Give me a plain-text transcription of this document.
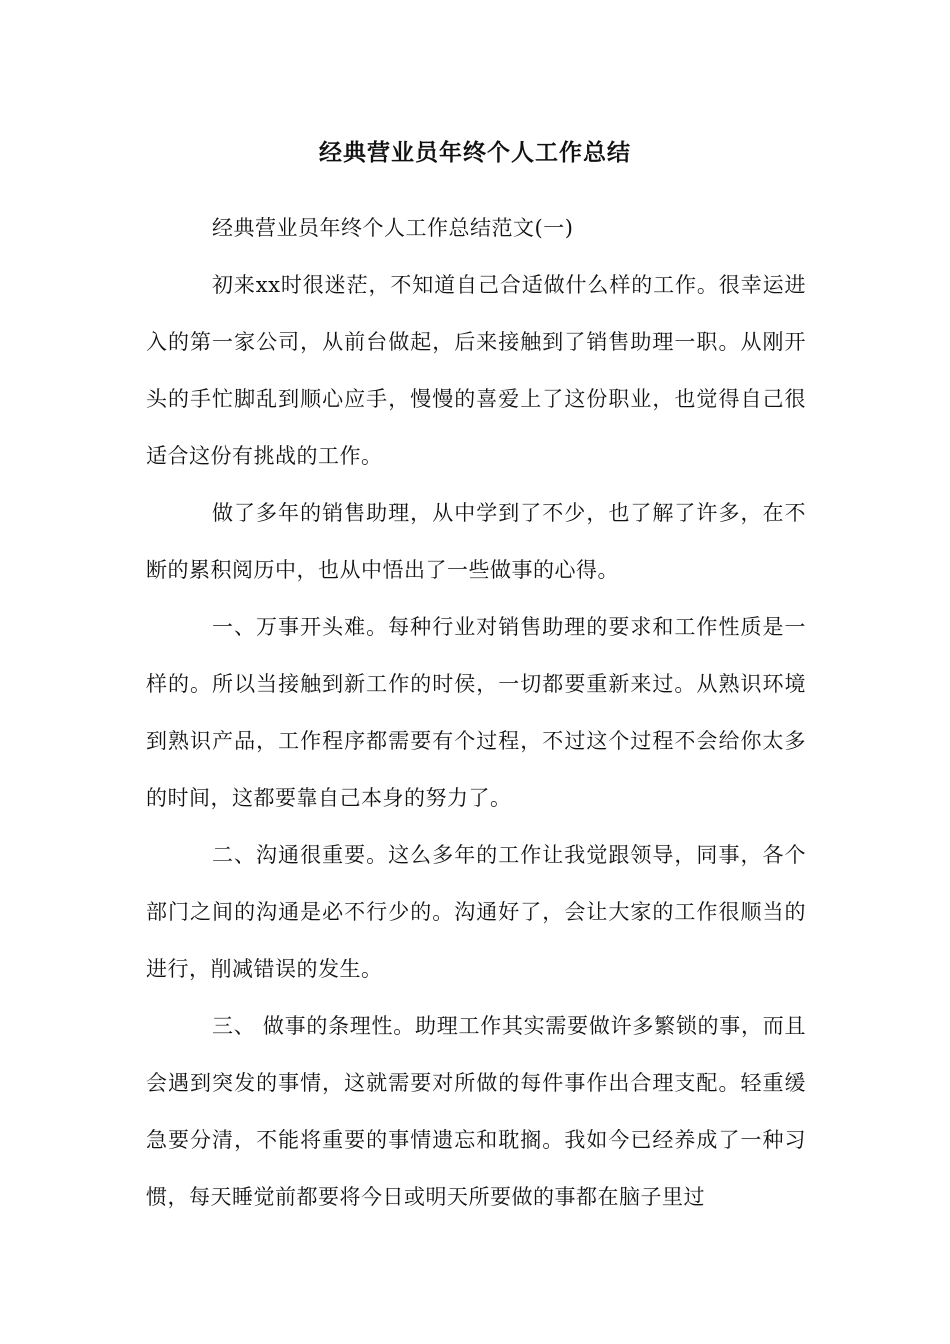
经典营业员年终个人工作总结

经典营业员年终个人工作总结范文(一)

初来xx时很迷茫，不知道自己合适做什么样的工作。很幸运进入的第一家公司，从前台做起，后来接触到了销售助理一职。从刚开头的手忙脚乱到顺心应手，慢慢的喜爱上了这份职业，也觉得自己很适合这份有挑战的工作。

做了多年的销售助理，从中学到了不少，也了解了许多，在不断的累积阅历中，也从中悟出了一些做事的心得。

一、万事开头难。每种行业对销售助理的要求和工作性质是一样的。所以当接触到新工作的时侯，一切都要重新来过。从熟识环境到熟识产品，工作程序都需要有个过程，不过这个过程不会给你太多的时间，这都要靠自己本身的努力了。

二、沟通很重要。这么多年的工作让我觉跟领导，同事，各个部门之间的沟通是必不行少的。沟通好了，会让大家的工作很顺当的进行，削减错误的发生。

三、 做事的条理性。助理工作其实需要做许多繁锁的事，而且会遇到突发的事情，这就需要对所做的每件事作出合理支配。轻重缓急要分清，不能将重要的事情遗忘和耽搁。我如今已经养成了一种习惯，每天睡觉前都要将今日或明天所要做的事都在脑子里过
